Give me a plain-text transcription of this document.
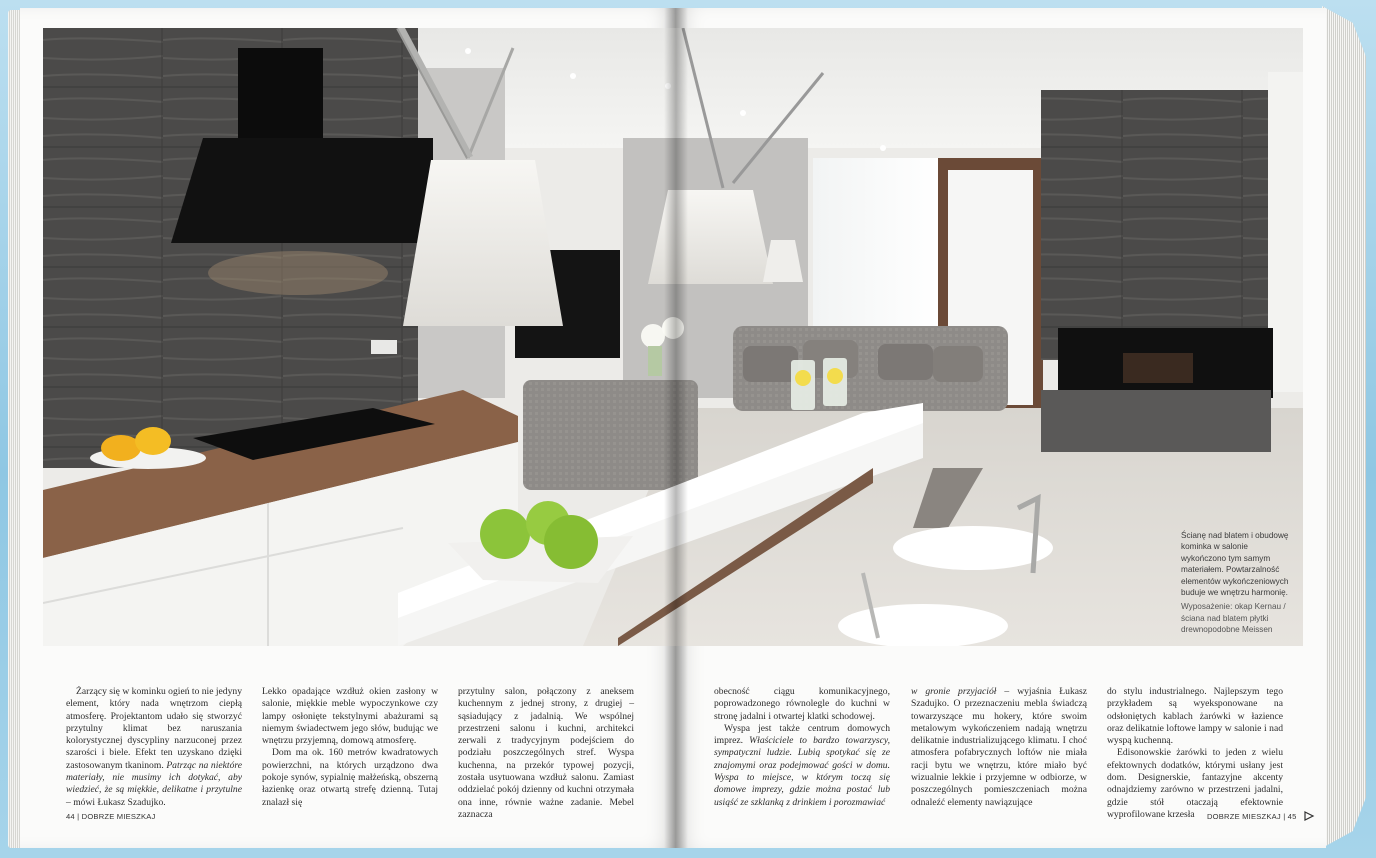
Ścianę nad blatem i obudowę kominka w salonie wykończono tym samym materiałem. Powtarzalność elementów wykończeniowych buduje we wnętrzu harmonię.

Wyposażenie: okap Kernau / ściana nad blatem płytki drewnopodobne Meissen

Żarzący się w kominku ogień to nie jedyny element, który nada wnętrzom ciepłą atmosferę. Projektantom udało się stworzyć przytulny klimat bez naruszania kolorystycznej dyscypliny narzuconej przez szarości i biele. Efekt ten uzyskano dzięki zastosowanym tkaninom. Patrząc na niektóre materiały, nie musimy ich dotykać, aby wiedzieć, że są miękkie, delikatne i przytulne – mówi Łukasz Szadujko.

Lekko opadające wzdłuż okien zasłony w salonie, miękkie meble wypoczynkowe czy lampy osłonięte tekstylnymi abażurami są niemym świadectwem jego słów, budując we wnętrzu przyjemną, domową atmosferę.

Dom ma ok. 160 metrów kwadratowych powierzchni, na których urządzono dwa pokoje synów, sypialnię małżeńską, obszerną łazienkę oraz otwartą strefę dzienną. Tutaj znalazł się

przytulny salon, połączony z aneksem kuchennym z jednej strony, z drugiej – sąsiadujący z jadalnią. We wspólnej przestrzeni salonu i kuchni, architekci zerwali z tradycyjnym podejściem do podziału poszczególnych stref. Wyspa kuchenna, na przekór typowej pozycji, została usytuowana wzdłuż salonu. Zamiast oddzielać pokój dzienny od kuchni otrzymała ona inne, równie ważne zadanie. Mebel zaznacza

obecność ciągu komunikacyjnego, poprowadzonego równolegle do kuchni w stronę jadalni i otwartej klatki schodowej.

Wyspa jest także centrum domowych imprez. Właściciele to bardzo towarzyscy, sympatyczni ludzie. Lubią spotykać się ze znajomymi oraz podejmować gości w domu. Wyspa to miejsce, w którym toczą się domowe imprezy, gdzie można postać lub usiąść ze szklanką z drinkiem i porozmawiać

w gronie przyjaciół – wyjaśnia Łukasz Szadujko. O przeznaczeniu mebla świadczą towarzyszące mu hokery, które swoim metalowym wykończeniem nadają wnętrzu delikatnie industrializującego klimatu. I choć atmosfera pofabrycznych loftów nie miała racji bytu we wnętrzu, które miało być wizualnie lekkie i przyjemne w odbiorze, w poszczególnych pomieszczeniach można odnaleźć elementy nawiązujące

do stylu industrialnego. Najlepszym tego przykładem są wyeksponowane na odsłoniętych kablach żarówki w łazience oraz delikatnie loftowe lampy w salonie i nad wyspą kuchenną.

Edisonowskie żarówki to jeden z wielu efektownych dodatków, którymi usłany jest dom. Designerskie, fantazyjne akcenty odnajdziemy zarówno w przestrzeni jadalni, gdzie stół otaczają efektownie wyprofilowane krzesła

44 | DOBRZE MIESZKAJ	DOBRZE MIESZKAJ | 45
